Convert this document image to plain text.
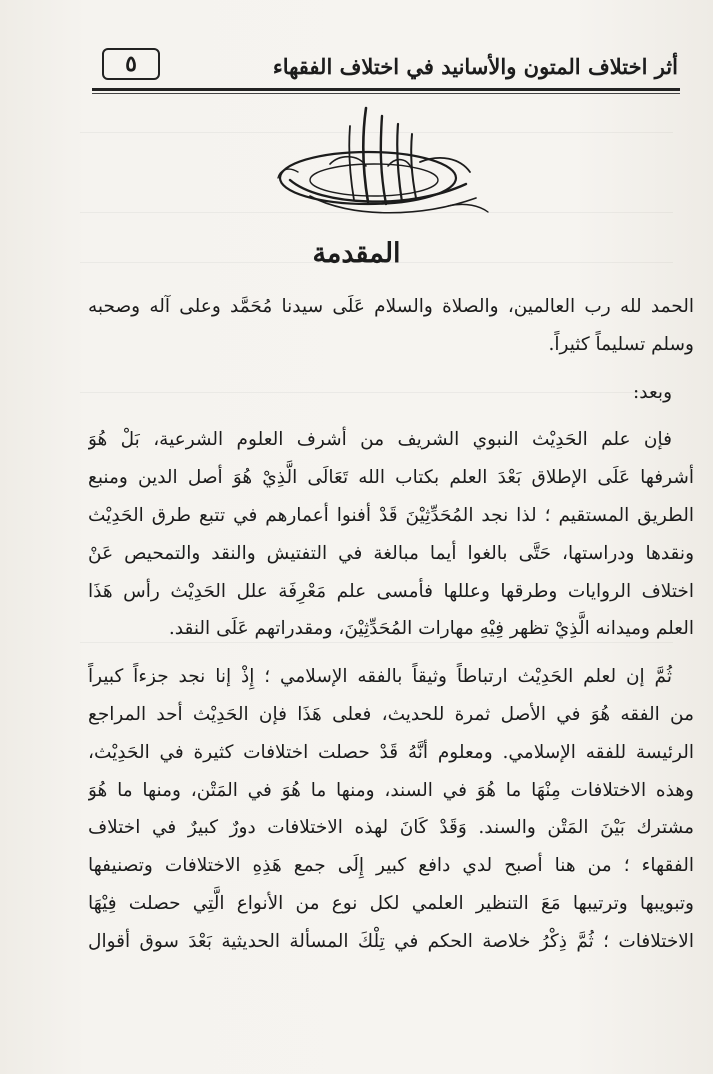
أثر اختلاف المتون والأسانيد في اختلاف الفقهاء
٥
المقدمة
الحمد لله رب العالمين، والصلاة والسلام عَلَى سيدنا مُحَمَّد وعلى آله وصحبه
وسلم تسليماً كثيراً.
وبعد:
فإن علم الحَدِيْث النبوي الشريف من أشرف العلوم الشرعية، بَلْ هُوَ
أشرفها عَلَى الإطلاق بَعْدَ العلم بكتاب الله تَعَالَى الَّذِيْ هُوَ أصل الدين ومنبع
الطريق المستقيم ؛ لذا نجد المُحَدِّثِيْنَ قَدْ أفنوا أعمارهم في تتبع طرق الحَدِيْث
ونقدها ودراستها، حَتَّى بالغوا أيما مبالغة في التفتيش والنقد والتمحيص عَنْ
اختلاف الروايات وطرقها وعللها فأمسى علم مَعْرِفَة علل الحَدِيْث رأس هَذَا
العلم وميدانه الَّذِيْ تظهر فِيْهِ مهارات المُحَدِّثِيْنَ، ومقدراتهم عَلَى النقد.
ثُمَّ إن لعلم الحَدِيْث ارتباطاً وثيقاً بالفقه الإسلامي ؛ إِذْ إنا نجد جزءاً كبيراً
من الفقه هُوَ في الأصل ثمرة للحديث، فعلى هَذَا فإن الحَدِيْث أحد المراجع
الرئيسة للفقه الإسلامي. ومعلوم أنَّهُ قَدْ حصلت اختلافات كثيرة في الحَدِيْث،
وهذه الاختلافات مِنْهَا ما هُوَ في السند، ومنها ما هُوَ في المَتْن، ومنها ما هُوَ
مشترك بَيْنَ المَتْن والسند. وَقَدْ كَانَ لهذه الاختلافات دورٌ كبيرٌ في اختلاف
الفقهاء ؛ من هنا أصبح لدي دافع كبير إِلَى جمع هَذِهِ الاختلافات وتصنيفها
وتبويبها وترتيبها مَعَ التنظير العلمي لكل نوع من الأنواع الَّتِي حصلت فِيْهَا
الاختلافات ؛ ثُمَّ ذِكْرُ خلاصة الحكم في تِلْكَ المسألة الحديثية بَعْدَ سوق أقوال
